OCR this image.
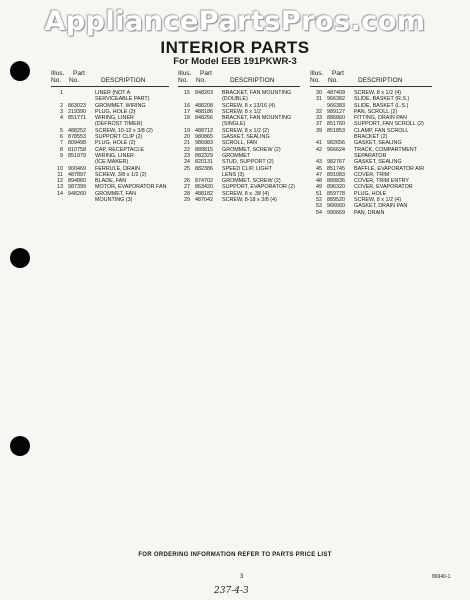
AppliancePartsPros.com
INTERIOR PARTS
For Model EEB 191PKWR-3
Illus. Part
No. No.	DESCRIPTION
1	LINER (NOT A
SERVICEABLE PART)
2 863023	GROMMET, WIRING
3 219390	PLUG, HOLE (2)
4 851771	WIRING, LINER
(DEFROST TIMER)
5 488252	SCREW, 10-12 x 3/8 (2)
6 878553	SUPPORT CLIP (2)
7 809498	PLUG, HOLE (2)
8 810758	CAP, RECEPTACLE
9 851979	WIRING, LINER
(ICE MAKER)
10 900469	FERRULE, DRAIN
11 487897	SCREW, 3/8 x 1/2 (2)
12 894860	BLADE, FAN
13 987399	MOTOR, EVAPORATOR FAN
14 948260	GROMMET, FAN
MOUNTING (3)
Illus. Part
No. No.	DESCRIPTION
15 848263	BRACKET, FAN MOUNTING
(DOUBLE)
16 488208	SCREW, 8 x 13/16 (4)
17 488186	SCREW, 8 x 1/2
18 848256	BRACKET, FAN MOUNTING
(SINGLE)
19 488712	SCREW, 8 x 1/2 (2)
20 980865	GASKET, SEALING
21 986983	SCROLL, FAN
22 889815	GROMMET, SCREW (2)
23 882329	GROMMET
24 820131	STUD, SUPPORT (2)
25 882386	SPEED CLIP, LIGHT
LENS (3)
26 874702	GROMMET, SCREW (2)
27 863420	SUPPORT, EVAPORATOR (2)
28 488182	SCREW, 8 x .38 (4)
29 487042	SCREW, 8-18 x 3/8 (4)
Illus. Part
No. No.	DESCRIPTION
30 487409	SCREW, 8 x 1/2 (4)
31 966382	SLIDE, BASKET (R.S.)
966383	SLIDE, BASKET (L.S.)
32 989127	PAN, SCROLL (2)
33 886860	FITTING, DRAIN PAN
37 851760	SUPPORT, FAN SCROLL (2)
39 851853	CLAMP, FAN SCROLL
BRACKET (2)
41 982656	GASKET, SEALING
42 966624	TRACK, COMPARTMENT
SEPARATOR
43 982767	GASKET, SEALING
45 851745	BAFFLE, EVAPORATOR AIR
47 891083	COVER, TRIM
48 889836	COVER, TRIM ENTRY
49 896320	COVER, EVAPORATOR
51 859778	PLUG, HOLE
52 889520	SCREW, 8 x 1/2 (4)
53 966660	GASKET, DRAIN PAN
54 990669	PAN, DRAIN
FOR ORDERING INFORMATION REFER TO PARTS PRICE LIST
3	86940-1
237-4-3
